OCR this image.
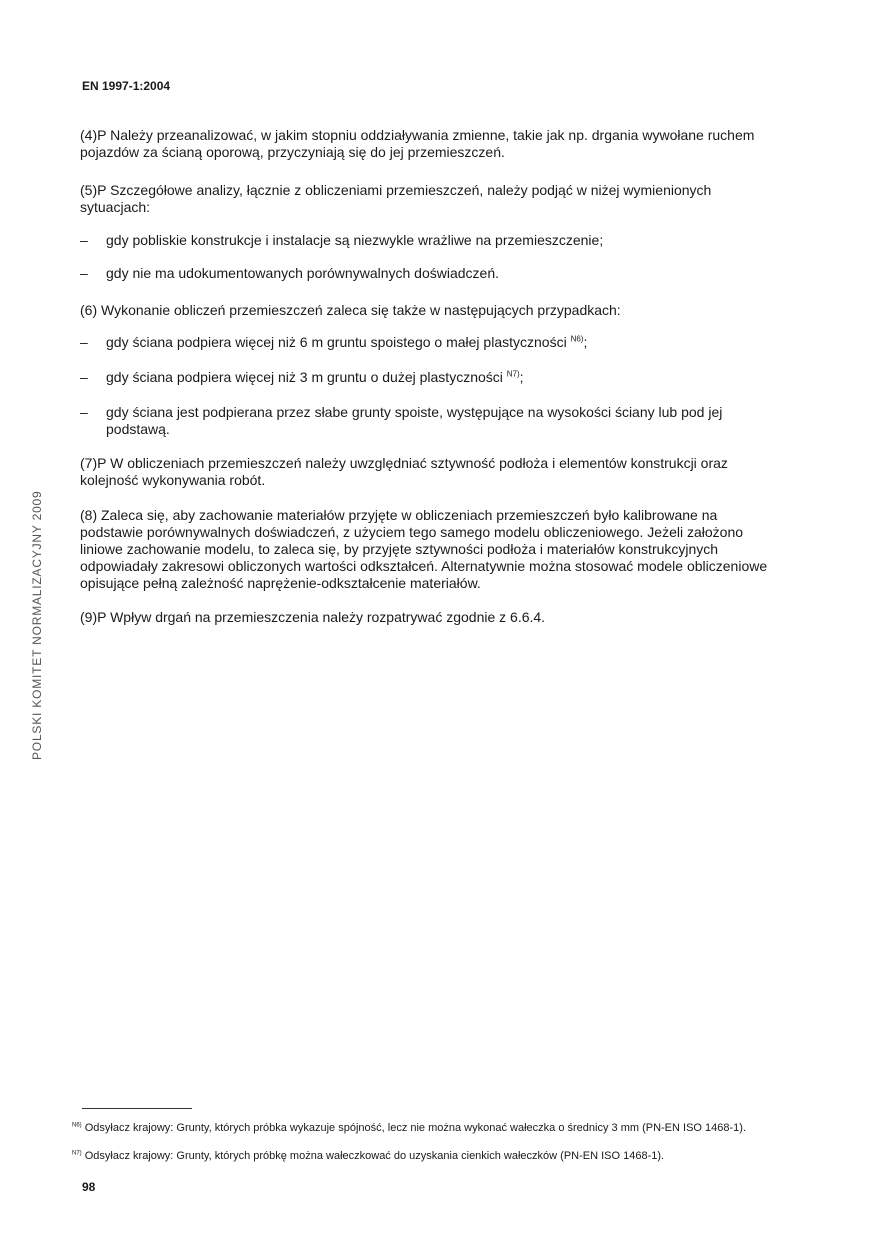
EN 1997-1:2004
POLSKI KOMITET NORMALIZACYJNY 2009
(4)P Należy przeanalizować, w jakim stopniu oddziaływania zmienne, takie jak np. drgania wywołane ruchem pojazdów za ścianą oporową, przyczyniają się do jej przemieszczeń.
(5)P Szczegółowe analizy, łącznie z obliczeniami przemieszczeń, należy podjąć w niżej wymienionych sytuacjach:
– gdy pobliskie konstrukcje i instalacje są niezwykle wrażliwe na przemieszczenie;
– gdy nie ma udokumentowanych porównywalnych doświadczeń.
(6) Wykonanie obliczeń przemieszczeń zaleca się także w następujących przypadkach:
– gdy ściana podpiera więcej niż 6 m gruntu spoistego o małej plastyczności $^{N6)}$;
– gdy ściana podpiera więcej niż 3 m gruntu o dużej plastyczności $^{N7)}$;
– gdy ściana jest podpierana przez słabe grunty spoiste, występujące na wysokości ściany lub pod jej podstawą.
(7)P W obliczeniach przemieszczeń należy uwzględniać sztywność podłoża i elementów konstrukcji oraz kolejność wykonywania robót.
(8) Zaleca się, aby zachowanie materiałów przyjęte w obliczeniach przemieszczeń było kalibrowane na podstawie porównywalnych doświadczeń, z użyciem tego samego modelu obliczeniowego. Jeżeli założono liniowe zachowanie modelu, to zaleca się, by przyjęte sztywności podłoża i materiałów konstrukcyjnych odpowiadały zakresowi obliczonych wartości odkształceń. Alternatywnie można stosować modele obliczeniowe opisujące pełną zależność naprężenie-odkształcenie materiałów.
(9)P Wpływ drgań na przemieszczenia należy rozpatrywać zgodnie z 6.6.4.
$^{N6)}$ Odsyłacz krajowy: Grunty, których próbka wykazuje spójność, lecz nie można wykonać wałeczka o średnicy 3 mm (PN-EN ISO 1468-1).
$^{N7)}$ Odsyłacz krajowy: Grunty, których próbkę można wałeczkować do uzyskania cienkich wałeczków (PN-EN ISO 1468-1).
98
